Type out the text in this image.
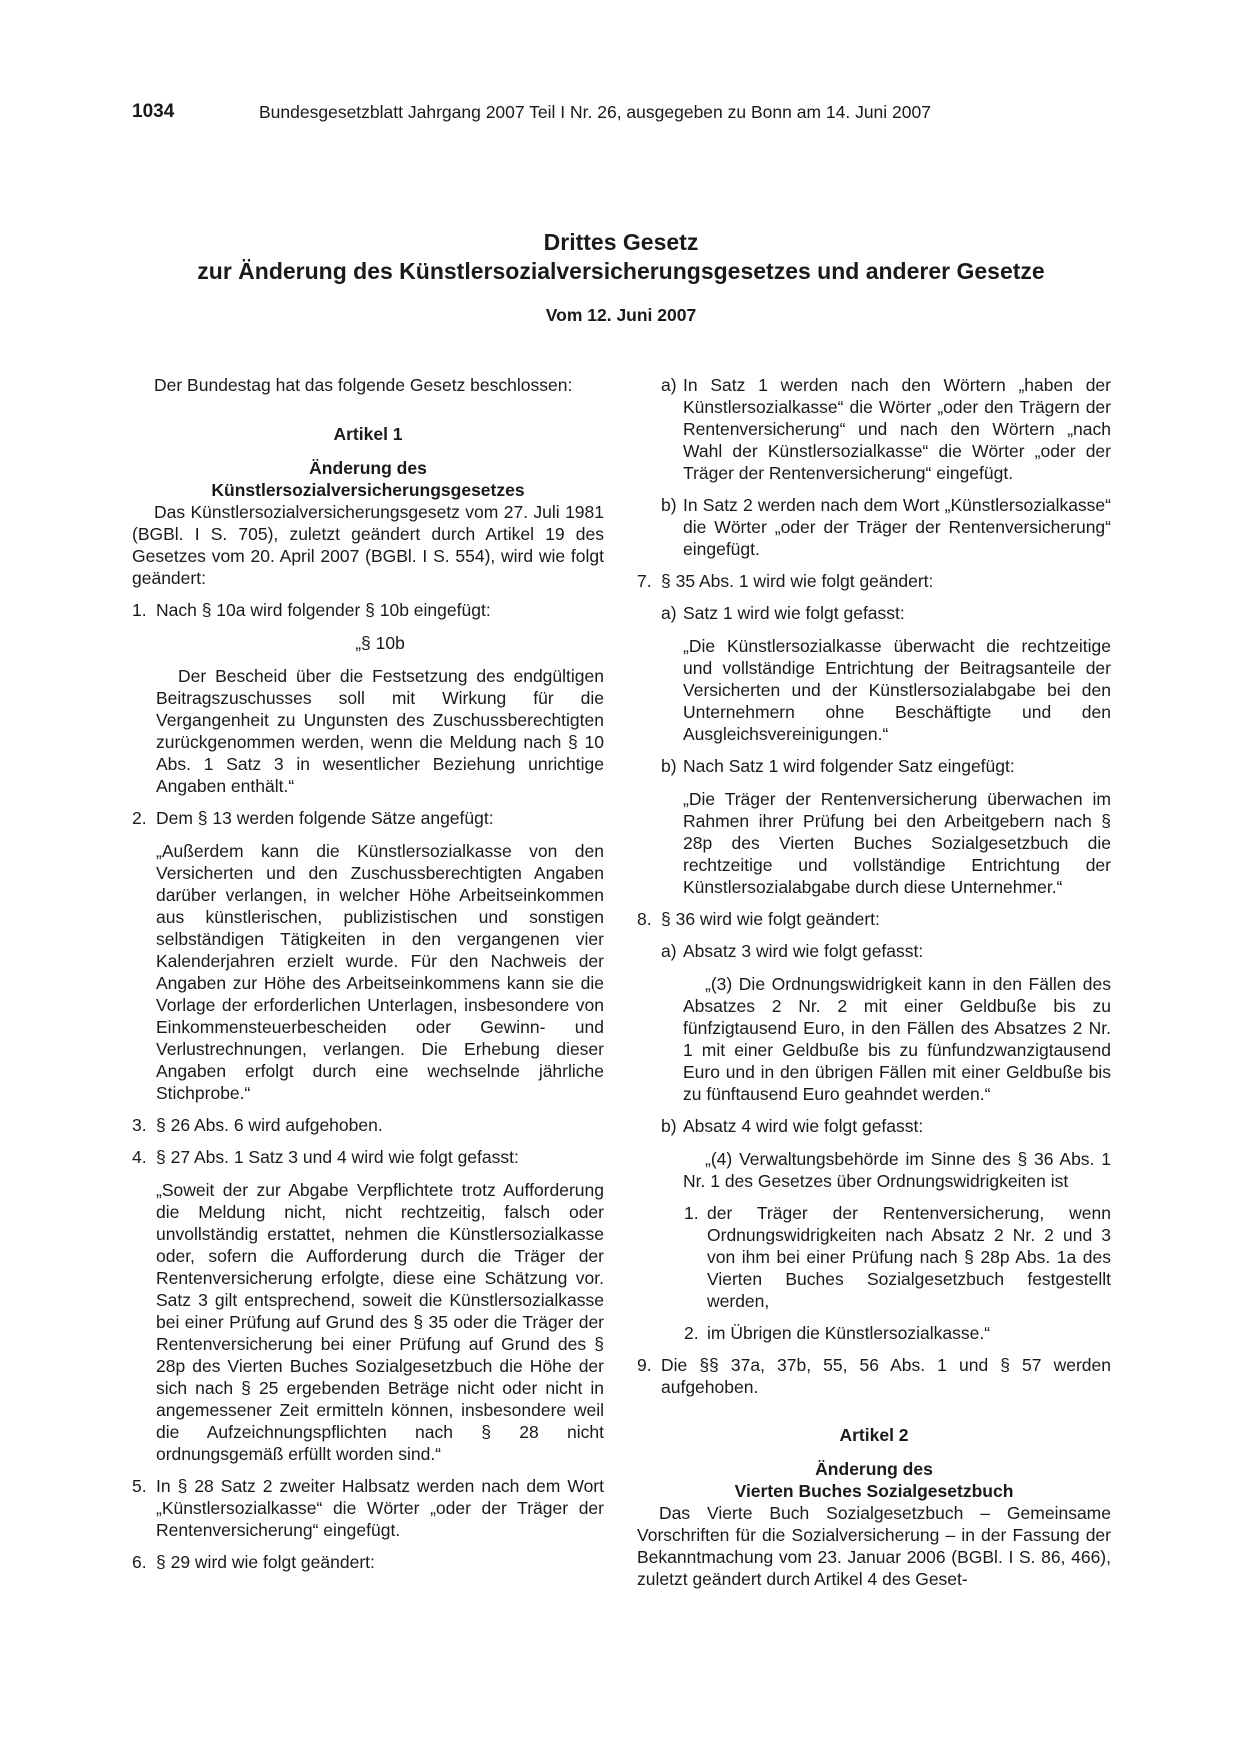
1034	Bundesgesetzblatt Jahrgang 2007 Teil I Nr. 26, ausgegeben zu Bonn am 14. Juni 2007
Drittes Gesetz
zur Änderung des Künstlersozialversicherungsgesetzes und anderer Gesetze
Vom 12. Juni 2007

Der Bundestag hat das folgende Gesetz beschlossen:

Artikel 1

Änderung des

Künstlersozialversicherungsgesetzes

Das Künstlersozialversicherungsgesetz vom 27. Juli 1981 (BGBl. I S. 705), zuletzt geändert durch Artikel 19 des Gesetzes vom 20. April 2007 (BGBl. I S. 554), wird wie folgt geändert:

1. Nach § 10a wird folgender § 10b eingefügt:

„§ 10b

Der Bescheid über die Festsetzung des endgültigen Beitragszuschusses soll mit Wirkung für die Vergangenheit zu Ungunsten des Zuschussberechtigten zurückgenommen werden, wenn die Meldung nach § 10 Abs. 1 Satz 3 in wesentlicher Beziehung unrichtige Angaben enthält.“

2. Dem § 13 werden folgende Sätze angefügt:

„Außerdem kann die Künstlersozialkasse von den Versicherten und den Zuschussberechtigten Angaben darüber verlangen, in welcher Höhe Arbeitseinkommen aus künstlerischen, publizistischen und sonstigen selbständigen Tätigkeiten in den vergangenen vier Kalenderjahren erzielt wurde. Für den Nachweis der Angaben zur Höhe des Arbeitseinkommens kann sie die Vorlage der erforderlichen Unterlagen, insbesondere von Einkommensteuerbescheiden oder Gewinn- und Verlustrechnungen, verlangen. Die Erhebung dieser Angaben erfolgt durch eine wechselnde jährliche Stichprobe.“

3. § 26 Abs. 6 wird aufgehoben.

4. § 27 Abs. 1 Satz 3 und 4 wird wie folgt gefasst:

„Soweit der zur Abgabe Verpflichtete trotz Aufforderung die Meldung nicht, nicht rechtzeitig, falsch oder unvollständig erstattet, nehmen die Künstlersozialkasse oder, sofern die Aufforderung durch die Träger der Rentenversicherung erfolgte, diese eine Schätzung vor. Satz 3 gilt entsprechend, soweit die Künstlersozialkasse bei einer Prüfung auf Grund des § 35 oder die Träger der Rentenversicherung bei einer Prüfung auf Grund des § 28p des Vierten Buches Sozialgesetzbuch die Höhe der sich nach § 25 ergebenden Beträge nicht oder nicht in angemessener Zeit ermitteln können, insbesondere weil die Aufzeichnungspflichten nach § 28 nicht ordnungsgemäß erfüllt worden sind.“

5. In § 28 Satz 2 zweiter Halbsatz werden nach dem Wort „Künstlersozialkasse“ die Wörter „oder der Träger der Rentenversicherung“ eingefügt.

6. § 29 wird wie folgt geändert:

a) In Satz 1 werden nach den Wörtern „haben der Künstlersozialkasse“ die Wörter „oder den Trägern der Rentenversicherung“ und nach den Wörtern „nach Wahl der Künstlersozialkasse“ die Wörter „oder der Träger der Rentenversicherung“ eingefügt.

b) In Satz 2 werden nach dem Wort „Künstlersozialkasse“ die Wörter „oder der Träger der Rentenversicherung“ eingefügt.

7. § 35 Abs. 1 wird wie folgt geändert:

a) Satz 1 wird wie folgt gefasst:

„Die Künstlersozialkasse überwacht die rechtzeitige und vollständige Entrichtung der Beitragsanteile der Versicherten und der Künstlersozialabgabe bei den Unternehmern ohne Beschäftigte und den Ausgleichsvereinigungen.“

b) Nach Satz 1 wird folgender Satz eingefügt:

„Die Träger der Rentenversicherung überwachen im Rahmen ihrer Prüfung bei den Arbeitgebern nach § 28p des Vierten Buches Sozialgesetzbuch die rechtzeitige und vollständige Entrichtung der Künstlersozialabgabe durch diese Unternehmer.“

8. § 36 wird wie folgt geändert:

a) Absatz 3 wird wie folgt gefasst:

„(3) Die Ordnungswidrigkeit kann in den Fällen des Absatzes 2 Nr. 2 mit einer Geldbuße bis zu fünfzigtausend Euro, in den Fällen des Absatzes 2 Nr. 1 mit einer Geldbuße bis zu fünfundzwanzigtausend Euro und in den übrigen Fällen mit einer Geldbuße bis zu fünftausend Euro geahndet werden.“

b) Absatz 4 wird wie folgt gefasst:

„(4) Verwaltungsbehörde im Sinne des § 36 Abs. 1 Nr. 1 des Gesetzes über Ordnungswidrigkeiten ist

1. der Träger der Rentenversicherung, wenn Ordnungswidrigkeiten nach Absatz 2 Nr. 2 und 3 von ihm bei einer Prüfung nach § 28p Abs. 1a des Vierten Buches Sozialgesetzbuch festgestellt werden,

2. im Übrigen die Künstlersozialkasse.“

9. Die §§ 37a, 37b, 55, 56 Abs. 1 und § 57 werden aufgehoben.

Artikel 2

Änderung des

Vierten Buches Sozialgesetzbuch

Das Vierte Buch Sozialgesetzbuch – Gemeinsame Vorschriften für die Sozialversicherung – in der Fassung der Bekanntmachung vom 23. Januar 2006 (BGBl. I S. 86, 466), zuletzt geändert durch Artikel 4 des Geset-
